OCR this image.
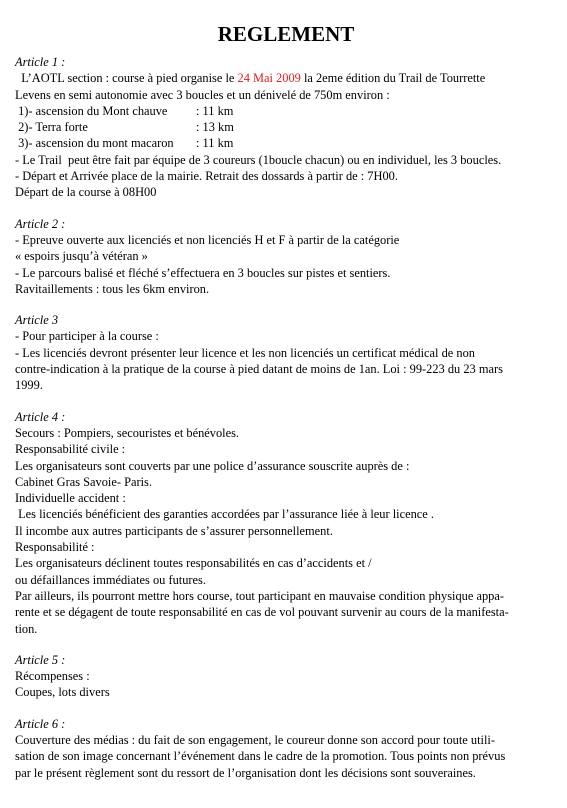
REGLEMENT
Article 1 :
L’AOTL section : course à pied organise le 24 Mai 2009 la 2eme édition du Trail de Tourrette
Levens en semi autonomie avec 3 boucles et un dénivelé de 750m environ :
1)- ascension du Mont chauve	: 11 km
2)- Terra forte	: 13 km
3)- ascension du mont macaron	: 11 km
- Le Trail  peut être fait par équipe de 3 coureurs (1boucle chacun) ou en individuel, les 3 boucles.
- Départ et Arrivée place de la mairie. Retrait des dossards à partir de : 7H00.
Départ de la course à 08H00
Article 2 :
- Epreuve ouverte aux licenciés et non licenciés H et F à partir de la catégorie
« espoirs jusqu’à vétéran »
- Le parcours balisé et fléché s’effectuera en 3 boucles sur pistes et sentiers.
Ravitaillements : tous les 6km environ.
Article 3
- Pour participer à la course :
- Les licenciés devront présenter leur licence et les non licenciés un certificat médical de non
contre-indication à la pratique de la course à pied datant de moins de 1an. Loi : 99-223 du 23 mars
1999.
Article 4 :
Secours : Pompiers, secouristes et bénévoles.
Responsabilité civile :
Les organisateurs sont couverts par une police d’assurance souscrite auprès de :
Cabinet Gras Savoie- Paris.
Individuelle accident :
Les licenciés bénéficient des garanties accordées par l’assurance liée à leur licence .
Il incombe aux autres participants de s’assurer personnellement.
Responsabilité :
Les organisateurs déclinent toutes responsabilités en cas d’accidents et /
ou défaillances immédiates ou futures.
Par ailleurs, ils pourront mettre hors course, tout participant en mauvaise condition physique appa-
rente et se dégagent de toute responsabilité en cas de vol pouvant survenir au cours de la manifesta-
tion.
Article 5 :
Récompenses :
Coupes, lots divers
Article 6 :
Couverture des médias : du fait de son engagement, le coureur donne son accord pour toute utili-
sation de son image concernant l’événement dans le cadre de la promotion. Tous points non prévus
par le présent règlement sont du ressort de l’organisation dont les décisions sont souveraines.
